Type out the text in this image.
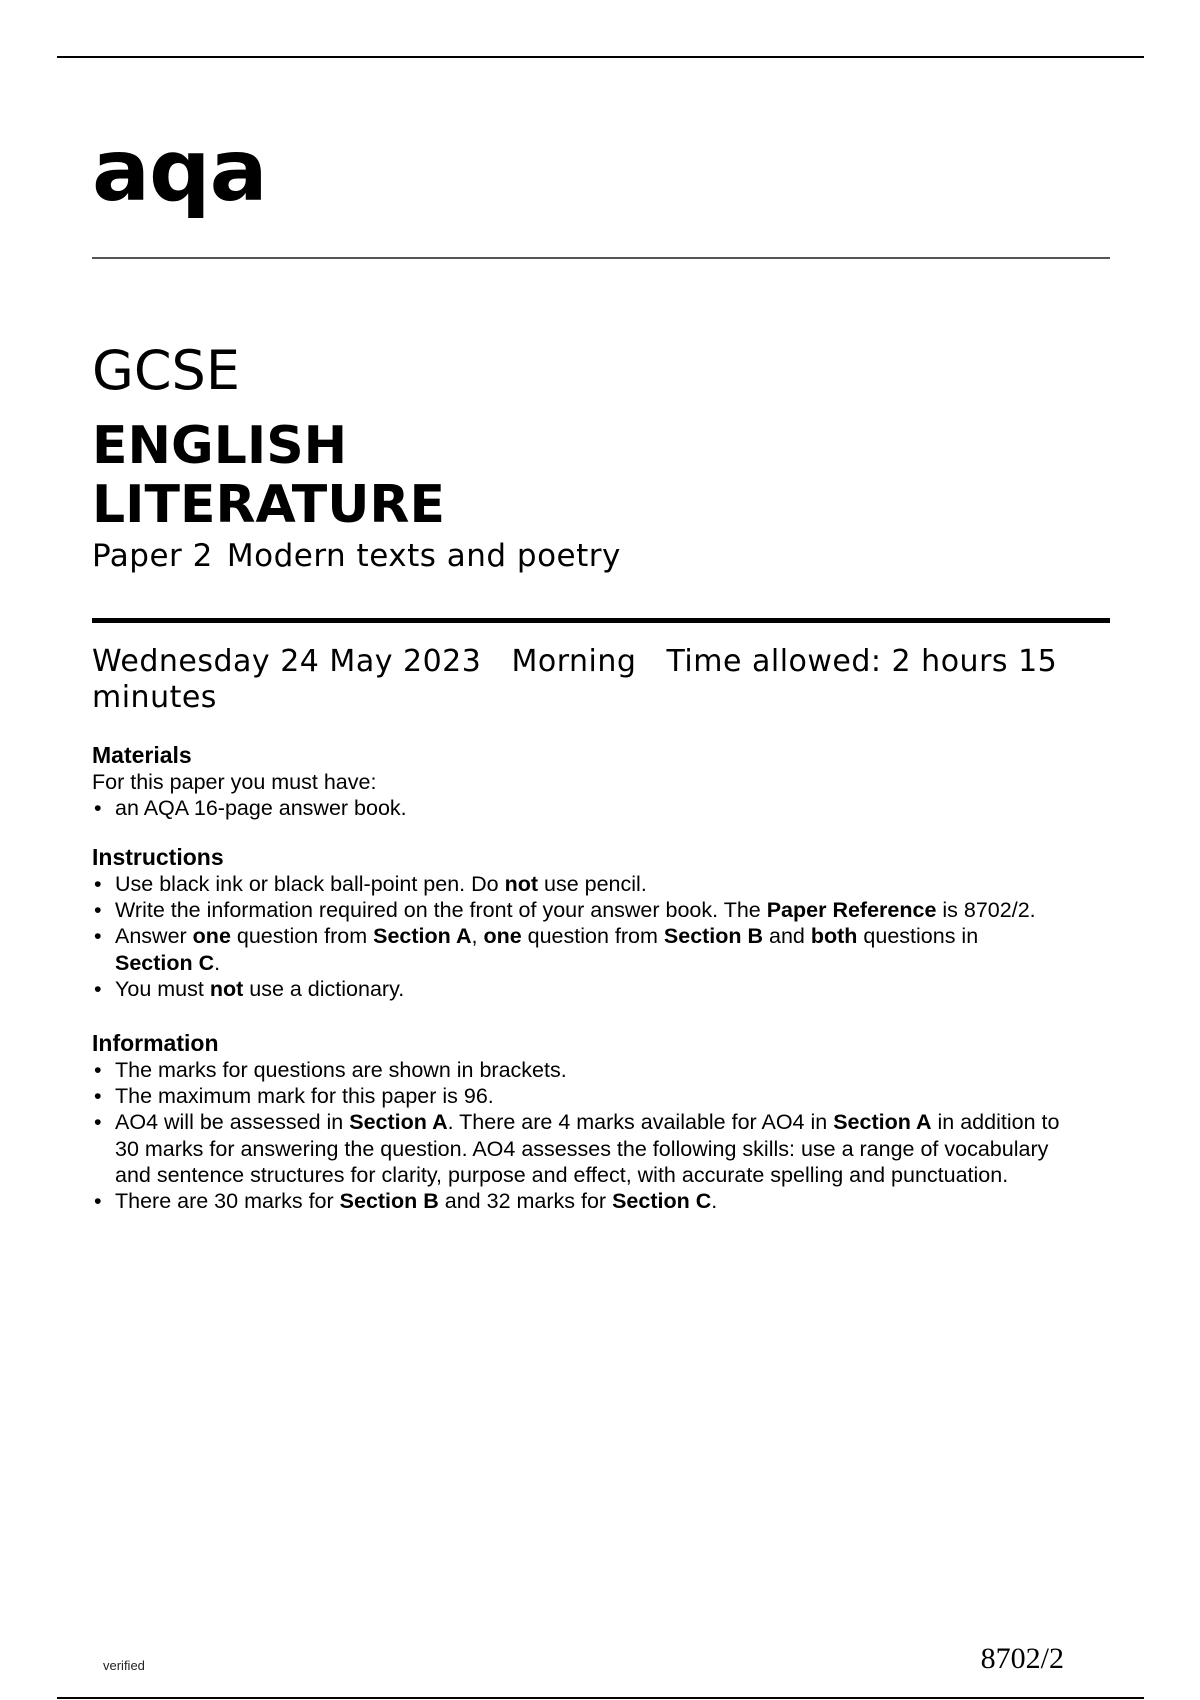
aqa
GCSE
ENGLISH
LITERATURE
Paper 2 Modern texts and poetry
Wednesday 24 May 2023 Morning Time allowed: 2 hours 15 minutes
Materials

For this paper you must have:

• an AQA 16-page answer book.
Instructions
• Use black ink or black ball-point pen. Do not use pencil.
• Write the information required on the front of your answer book. The Paper Reference is 8702/2.
• Answer one question from Section A, one question from Section B and both questions in
Section C.
• You must not use a dictionary.
Information
• The marks for questions are shown in brackets.
• The maximum mark for this paper is 96.
• AO4 will be assessed in Section A. There are 4 marks available for AO4 in Section A in addition to 30 marks for answering the question. AO4 assesses the following skills: use a range of vocabulary and sentence structures for clarity, purpose and effect, with accurate spelling and punctuation.
• There are 30 marks for Section B and 32 marks for Section C.
verified	8702/2
